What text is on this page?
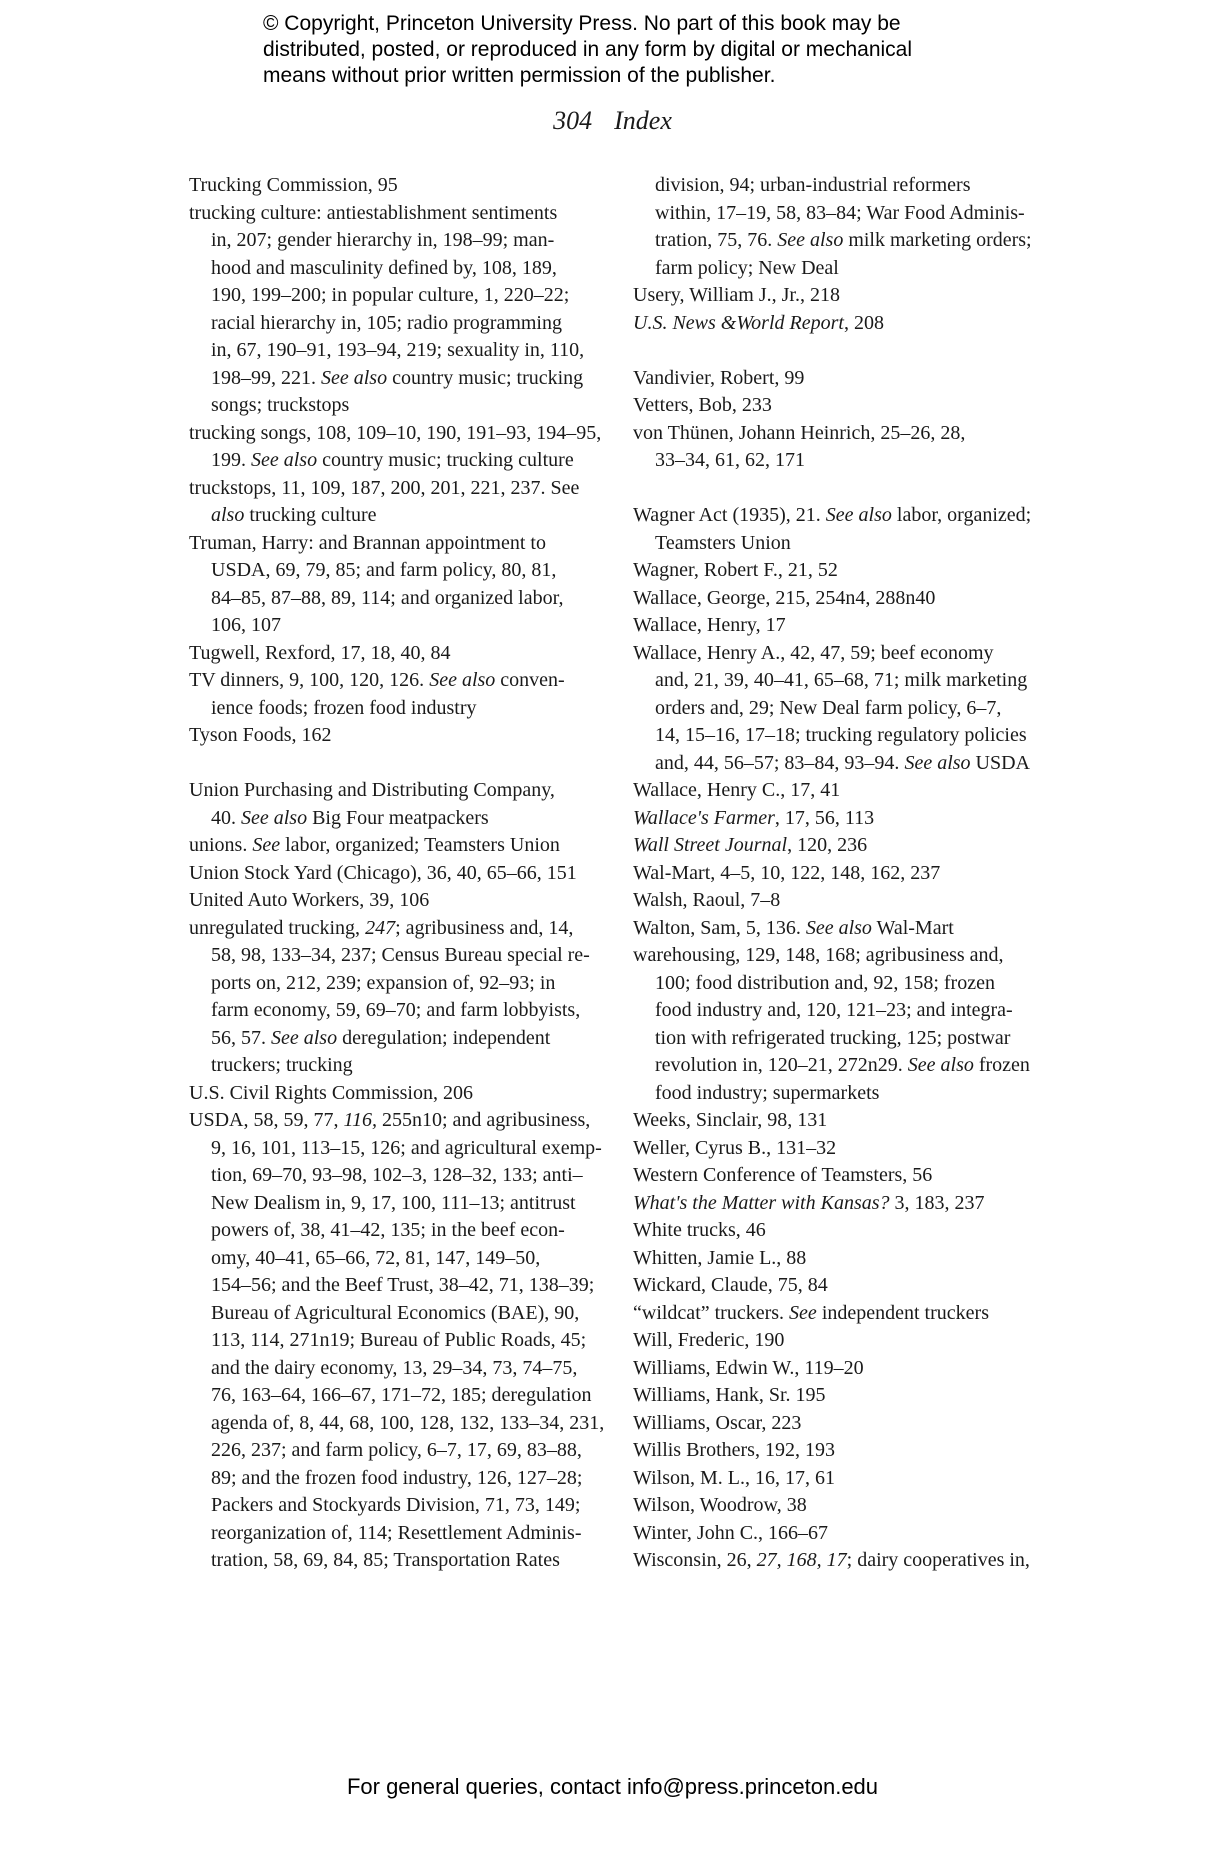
© Copyright, Princeton University Press. No part of this book may be
distributed, posted, or reproduced in any form by digital or mechanical
means without prior written permission of the publisher.
304 Index
Trucking Commission, 95
trucking culture: antiestablishment sentiments
in, 207; gender hierarchy in, 198–99; man-
hood and masculinity defined by, 108, 189,
190, 199–200; in popular culture, 1, 220–22;
racial hierarchy in, 105; radio programming
in, 67, 190–91, 193–94, 219; sexuality in, 110,
198–99, 221. See also country music; trucking
songs; truckstops
trucking songs, 108, 109–10, 190, 191–93, 194–95,
199. See also country music; trucking culture
truckstops, 11, 109, 187, 200, 201, 221, 237. See
also trucking culture
Truman, Harry: and Brannan appointment to
USDA, 69, 79, 85; and farm policy, 80, 81,
84–85, 87–88, 89, 114; and organized labor,
106, 107
Tugwell, Rexford, 17, 18, 40, 84
TV dinners, 9, 100, 120, 126. See also conven-
ience foods; frozen food industry
Tyson Foods, 162
Union Purchasing and Distributing Company,
40. See also Big Four meatpackers
unions. See labor, organized; Teamsters Union
Union Stock Yard (Chicago), 36, 40, 65–66, 151
United Auto Workers, 39, 106
unregulated trucking, 247; agribusiness and, 14,
58, 98, 133–34, 237; Census Bureau special re-
ports on, 212, 239; expansion of, 92–93; in
farm economy, 59, 69–70; and farm lobbyists,
56, 57. See also deregulation; independent
truckers; trucking
U.S. Civil Rights Commission, 206
USDA, 58, 59, 77, 116, 255n10; and agribusiness,
9, 16, 101, 113–15, 126; and agricultural exemp-
tion, 69–70, 93–98, 102–3, 128–32, 133; anti–
New Dealism in, 9, 17, 100, 111–13; antitrust
powers of, 38, 41–42, 135; in the beef econ-
omy, 40–41, 65–66, 72, 81, 147, 149–50,
154–56; and the Beef Trust, 38–42, 71, 138–39;
Bureau of Agricultural Economics (BAE), 90,
113, 114, 271n19; Bureau of Public Roads, 45;
and the dairy economy, 13, 29–34, 73, 74–75,
76, 163–64, 166–67, 171–72, 185; deregulation
agenda of, 8, 44, 68, 100, 128, 132, 133–34, 231,
226, 237; and farm policy, 6–7, 17, 69, 83–88,
89; and the frozen food industry, 126, 127–28;
Packers and Stockyards Division, 71, 73, 149;
reorganization of, 114; Resettlement Adminis-
tration, 58, 69, 84, 85; Transportation Rates
division, 94; urban-industrial reformers
within, 17–19, 58, 83–84; War Food Adminis-
tration, 75, 76. See also milk marketing orders;
farm policy; New Deal
Usery, William J., Jr., 218
U.S. News &World Report, 208
Vandivier, Robert, 99
Vetters, Bob, 233
von Thünen, Johann Heinrich, 25–26, 28,
33–34, 61, 62, 171
Wagner Act (1935), 21. See also labor, organized;
Teamsters Union
Wagner, Robert F., 21, 52
Wallace, George, 215, 254n4, 288n40
Wallace, Henry, 17
Wallace, Henry A., 42, 47, 59; beef economy
and, 21, 39, 40–41, 65–68, 71; milk marketing
orders and, 29; New Deal farm policy, 6–7,
14, 15–16, 17–18; trucking regulatory policies
and, 44, 56–57; 83–84, 93–94. See also USDA
Wallace, Henry C., 17, 41
Wallace's Farmer, 17, 56, 113
Wall Street Journal, 120, 236
Wal-Mart, 4–5, 10, 122, 148, 162, 237
Walsh, Raoul, 7–8
Walton, Sam, 5, 136. See also Wal-Mart
warehousing, 129, 148, 168; agribusiness and,
100; food distribution and, 92, 158; frozen
food industry and, 120, 121–23; and integra-
tion with refrigerated trucking, 125; postwar
revolution in, 120–21, 272n29. See also frozen
food industry; supermarkets
Weeks, Sinclair, 98, 131
Weller, Cyrus B., 131–32
Western Conference of Teamsters, 56
What's the Matter with Kansas? 3, 183, 237
White trucks, 46
Whitten, Jamie L., 88
Wickard, Claude, 75, 84
“wildcat” truckers. See independent truckers
Will, Frederic, 190
Williams, Edwin W., 119–20
Williams, Hank, Sr. 195
Williams, Oscar, 223
Willis Brothers, 192, 193
Wilson, M. L., 16, 17, 61
Wilson, Woodrow, 38
Winter, John C., 166–67
Wisconsin, 26, 27, 168, 17; dairy cooperatives in,
For general queries, contact info@press.princeton.edu
